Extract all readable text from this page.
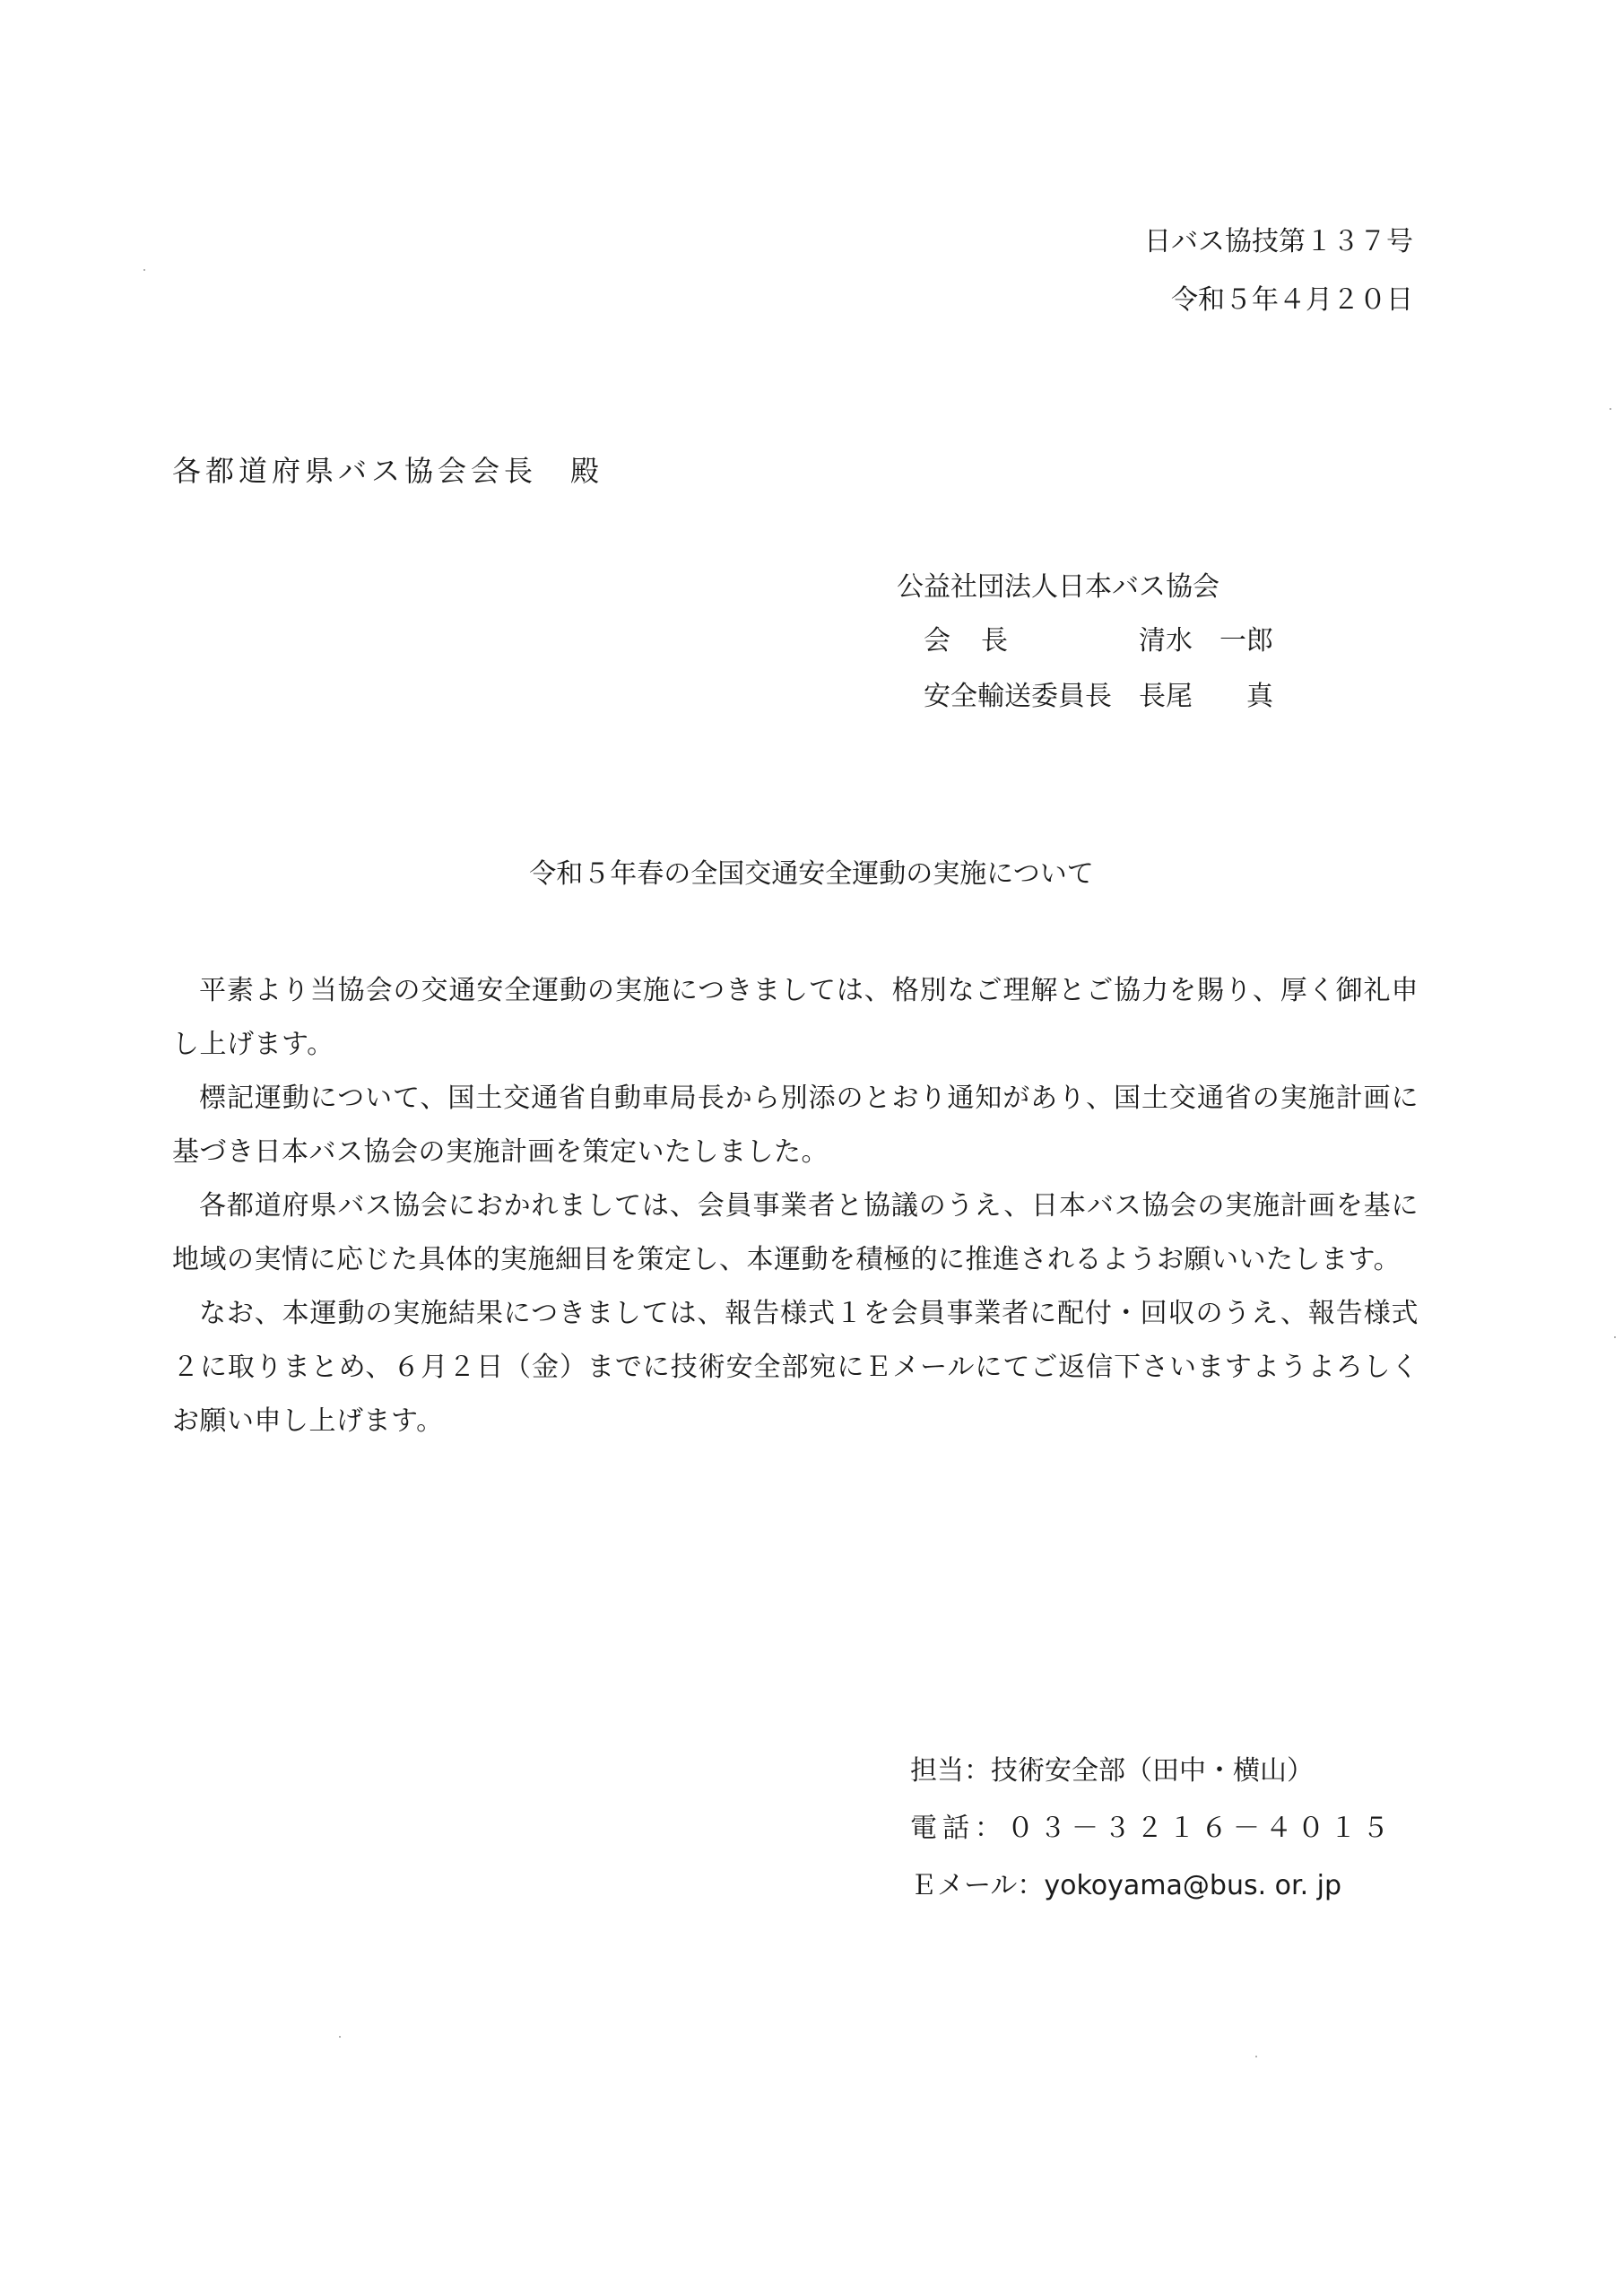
日バス協技第１３７号
令和５年４月２０日
各都道府県バス協会会長　殿
公益社団法人日本バス協会
会長	清水　一郎
安全輸送委員長 長尾　　真
令和５年春の全国交通安全運動の実施について

平素より当協会の交通安全運動の実施につきましては、格別なご理解とご協力を賜り、厚く御礼申し上げます。

標記運動について、国土交通省自動車局長から別添のとおり通知があり、国土交通省の実施計画に基づき日本バス協会の実施計画を策定いたしました。

各都道府県バス協会におかれましては、会員事業者と協議のうえ、日本バス協会の実施計画を基に地域の実情に応じた具体的実施細目を策定し、本運動を積極的に推進されるようお願いいたします。

なお、本運動の実施結果につきましては、報告様式１を会員事業者に配付・回収のうえ、報告様式２に取りまとめ、６月２日（金）までに技術安全部宛にＥメールにてご返信下さいますようよろしくお願い申し上げます。

担当：技術安全部（田中・横山）
電話：０３－３２１６－４０１５
Ｅメール：yokoyama@bus. or. jp
